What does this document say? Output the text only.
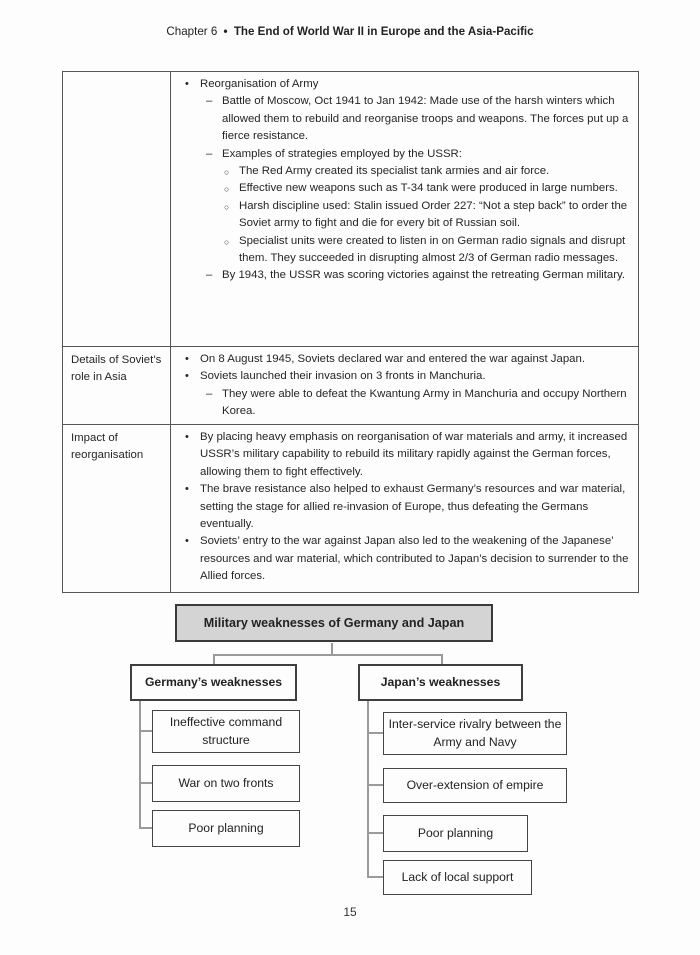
Chapter 6 • The End of World War II in Europe and the Asia-Pacific
• Reorganisation of Army
– Battle of Moscow, Oct 1941 to Jan 1942: Made use of the harsh winters which allowed them to rebuild and reorganise troops and weapons. The forces put up a fierce resistance.
– Examples of strategies employed by the USSR:
○ The Red Army created its specialist tank armies and air force.
○ Effective new weapons such as T-34 tank were produced in large numbers.
○ Harsh discipline used: Stalin issued Order 227: “Not a step back” to order the Soviet army to fight and die for every bit of Russian soil.
○ Specialist units were created to listen in on German radio signals and disrupt them. They succeeded in disrupting almost 2/3 of German radio messages.
– By 1943, the USSR was scoring victories against the retreating German military.
Details of Soviet’s role in Asia
• On 8 August 1945, Soviets declared war and entered the war against Japan.
• Soviets launched their invasion on 3 fronts in Manchuria.
– They were able to defeat the Kwantung Army in Manchuria and occupy Northern Korea.
Impact of reorganisation
• By placing heavy emphasis on reorganisation of war materials and army, it increased USSR’s military capability to rebuild its military rapidly against the German forces, allowing them to fight effectively.
• The brave resistance also helped to exhaust Germany’s resources and war material, setting the stage for allied re-invasion of Europe, thus defeating the Germans eventually.
• Soviets’ entry to the war against Japan also led to the weakening of the Japanese’ resources and war material, which contributed to Japan’s decision to surrender to the Allied forces.
Military weaknesses of Germany and Japan
Germany’s weaknesses	Japan’s weaknesses
Ineffective command structure
War on two fronts
Poor planning
Inter-service rivalry between the Army and Navy
Over-extension of empire
Poor planning
Lack of local support
15
